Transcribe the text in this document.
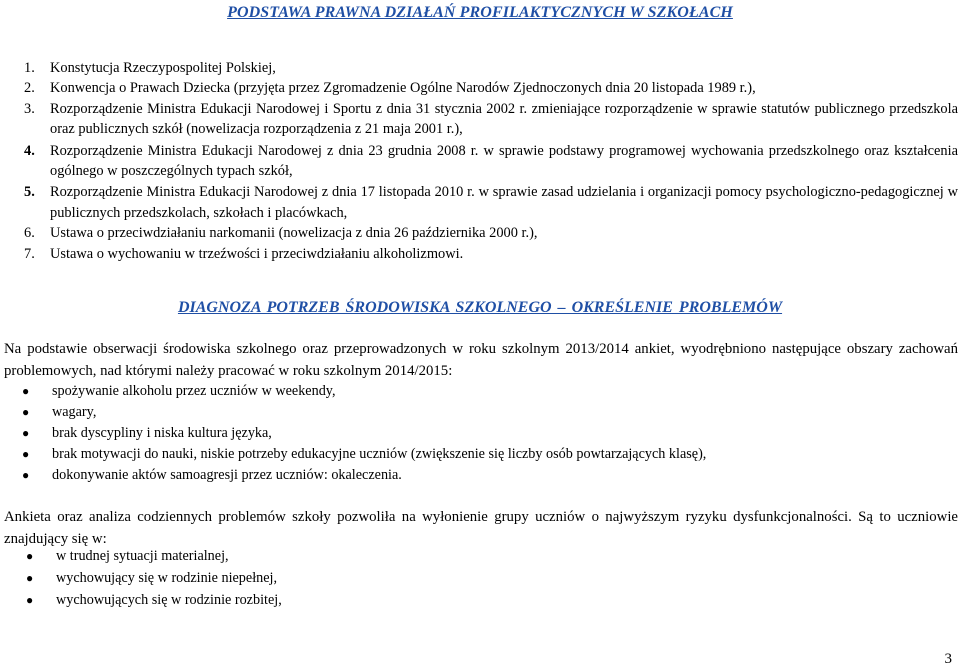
PODSTAWA PRAWNA DZIAŁAŃ PROFILAKTYCZNYCH W SZKOŁACH
1. Konstytucja Rzeczypospolitej Polskiej,
2. Konwencja o Prawach Dziecka (przyjęta przez Zgromadzenie Ogólne Narodów Zjednoczonych dnia 20 listopada 1989 r.),
3. Rozporządzenie Ministra Edukacji Narodowej i Sportu z dnia 31 stycznia 2002 r. zmieniające rozporządzenie w sprawie statutów publicznego przedszkola oraz publicznych szkół (nowelizacja rozporządzenia z 21 maja 2001 r.),
4. Rozporządzenie Ministra Edukacji Narodowej z dnia 23 grudnia 2008 r. w sprawie podstawy programowej wychowania przedszkolnego oraz kształcenia ogólnego w poszczególnych typach szkół,
5. Rozporządzenie Ministra Edukacji Narodowej z dnia 17 listopada 2010 r. w sprawie zasad udzielania i organizacji pomocy psychologiczno-pedagogicznej w publicznych przedszkolach, szkołach i placówkach,
6. Ustawa o przeciwdziałaniu narkomanii (nowelizacja z dnia 26 października 2000 r.),
7. Ustawa o wychowaniu w trzeźwości i przeciwdziałaniu alkoholizmowi.
DIAGNOZA POTRZEB ŚRODOWISKA SZKOLNEGO – OKREŚLENIE PROBLEMÓW

Na podstawie obserwacji środowiska szkolnego oraz przeprowadzonych w roku szkolnym 2013/2014 ankiet, wyodrębniono następujące obszary zachowań problemowych, nad którymi należy pracować w roku szkolnym 2014/2015:

● spożywanie alkoholu przez uczniów w weekendy,
● wagary,
● brak dyscypliny i niska kultura języka,
● brak motywacji do nauki, niskie potrzeby edukacyjne uczniów (zwiększenie się liczby osób powtarzających klasę),
● dokonywanie aktów samoagresji przez uczniów: okaleczenia.

Ankieta oraz analiza codziennych problemów szkoły pozwoliła na wyłonienie grupy uczniów o najwyższym ryzyku dysfunkcjonalności. Są to uczniowie znajdujący się w:

● w trudnej sytuacji materialnej,
● wychowujący się w rodzinie niepełnej,
● wychowujących się w rodzinie rozbitej,
3
